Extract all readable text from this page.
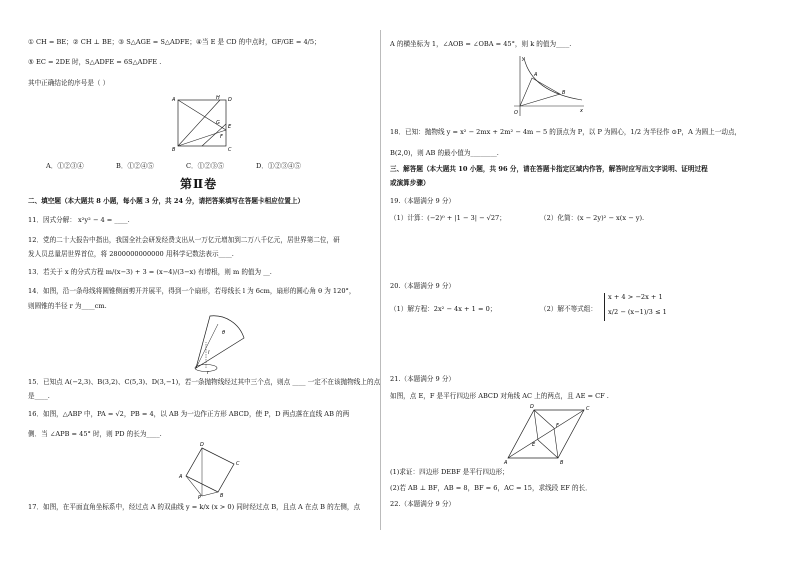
① CH = BE；② CH ⊥ BE；③ S△AGE = S△ADFE；④当 E 是 CD 的中点时，GF/GE = 4/5；
⑤ EC = 2DE 时，S△ADFE = 6S△ADFE .
其中正确结论的序号是（ ）
A	H D
B	C
G
E
F
A．①②③④	B．①②④⑤	C．①②③⑤	D．①②③④⑤
第Ⅱ卷
二、填空题（本大题共 8 小题，每小题 3 分，共 24 分，请把答案填写在答题卡相应位置上）
11．因式分解： x²y² − 4 = ____.
12．党的二十大报告中指出，我国全社会研发经费支出从一万亿元增加到二万八千亿元，居世界第二位，研
发人员总量居世界首位，将 2800000000000 用科学记数法表示____.
13．若关于 x 的分式方程 m/(x−3) + 3 = (x−4)/(3−x) 有增根，则 m 的值为 __.
14．如图，沿一条母线将圆锥侧面剪开并展平，得到一个扇形，若母线长 l 为 6cm，扇形的圆心角 θ 为 120°，
则圆锥的半径 r 为____cm.
θ
l
r
15．已知点 A(−2,3)、B(3,2)、C(5,3)、D(3,−1)，若一条抛物线经过其中三个点，则点 ____ 一定不在该抛物线上的点
是____.
16．如图，△ABP 中，PA = √2，PB = 4，以 AB 为一边作正方形 ABCD，使 P，D 两点落在直线 AB 的两
侧．当 ∠APB = 45° 时，则 PD 的长为____.
D
C
A
P	B
17．如图，在平面直角坐标系中，经过点 A 的双曲线 y = k/x (x > 0) 同时经过点 B，且点 A 在点 B 的左侧，点
A 的横坐标为 1，∠AOB = ∠OBA = 45°，则 k 的值为____.
y
x
O
A
B
18．已知：抛物线 y = x² − 2mx + 2m² − 4m − 5 的顶点为 P，以 P 为圆心，1/2 为半径作 ⊙P，A 为圆上一动点，
B(2,0)，则 AB 的最小值为________.
三、解答题（本大题共 10 小题，共 96 分，请在答题卡指定区域内作答，解答时应写出文字说明、证明过程
或演算步骤）
19.（本题满分 9 分）
（1）计算：(−2)⁰ + |1 − 3| − √27；	（2）化简：(x − 2y)² − x(x − y).
20.（本题满分 9 分）
（1）解方程：2x² − 4x + 1 = 0；	（2）解不等式组：
x + 4 > −2x + 1
x/2 − (x−1)/3 ≤ 1
21.（本题满分 9 分）
如图，点 E，F 是平行四边形 ABCD 对角线 AC 上的两点，且 AE = CF .
D	C
A	B
E
F
(1)求证：四边形 DEBF 是平行四边形；
(2)若 AB ⊥ BF，AB = 8，BF = 6，AC = 15，求线段 EF 的长．
22.（本题满分 9 分）
